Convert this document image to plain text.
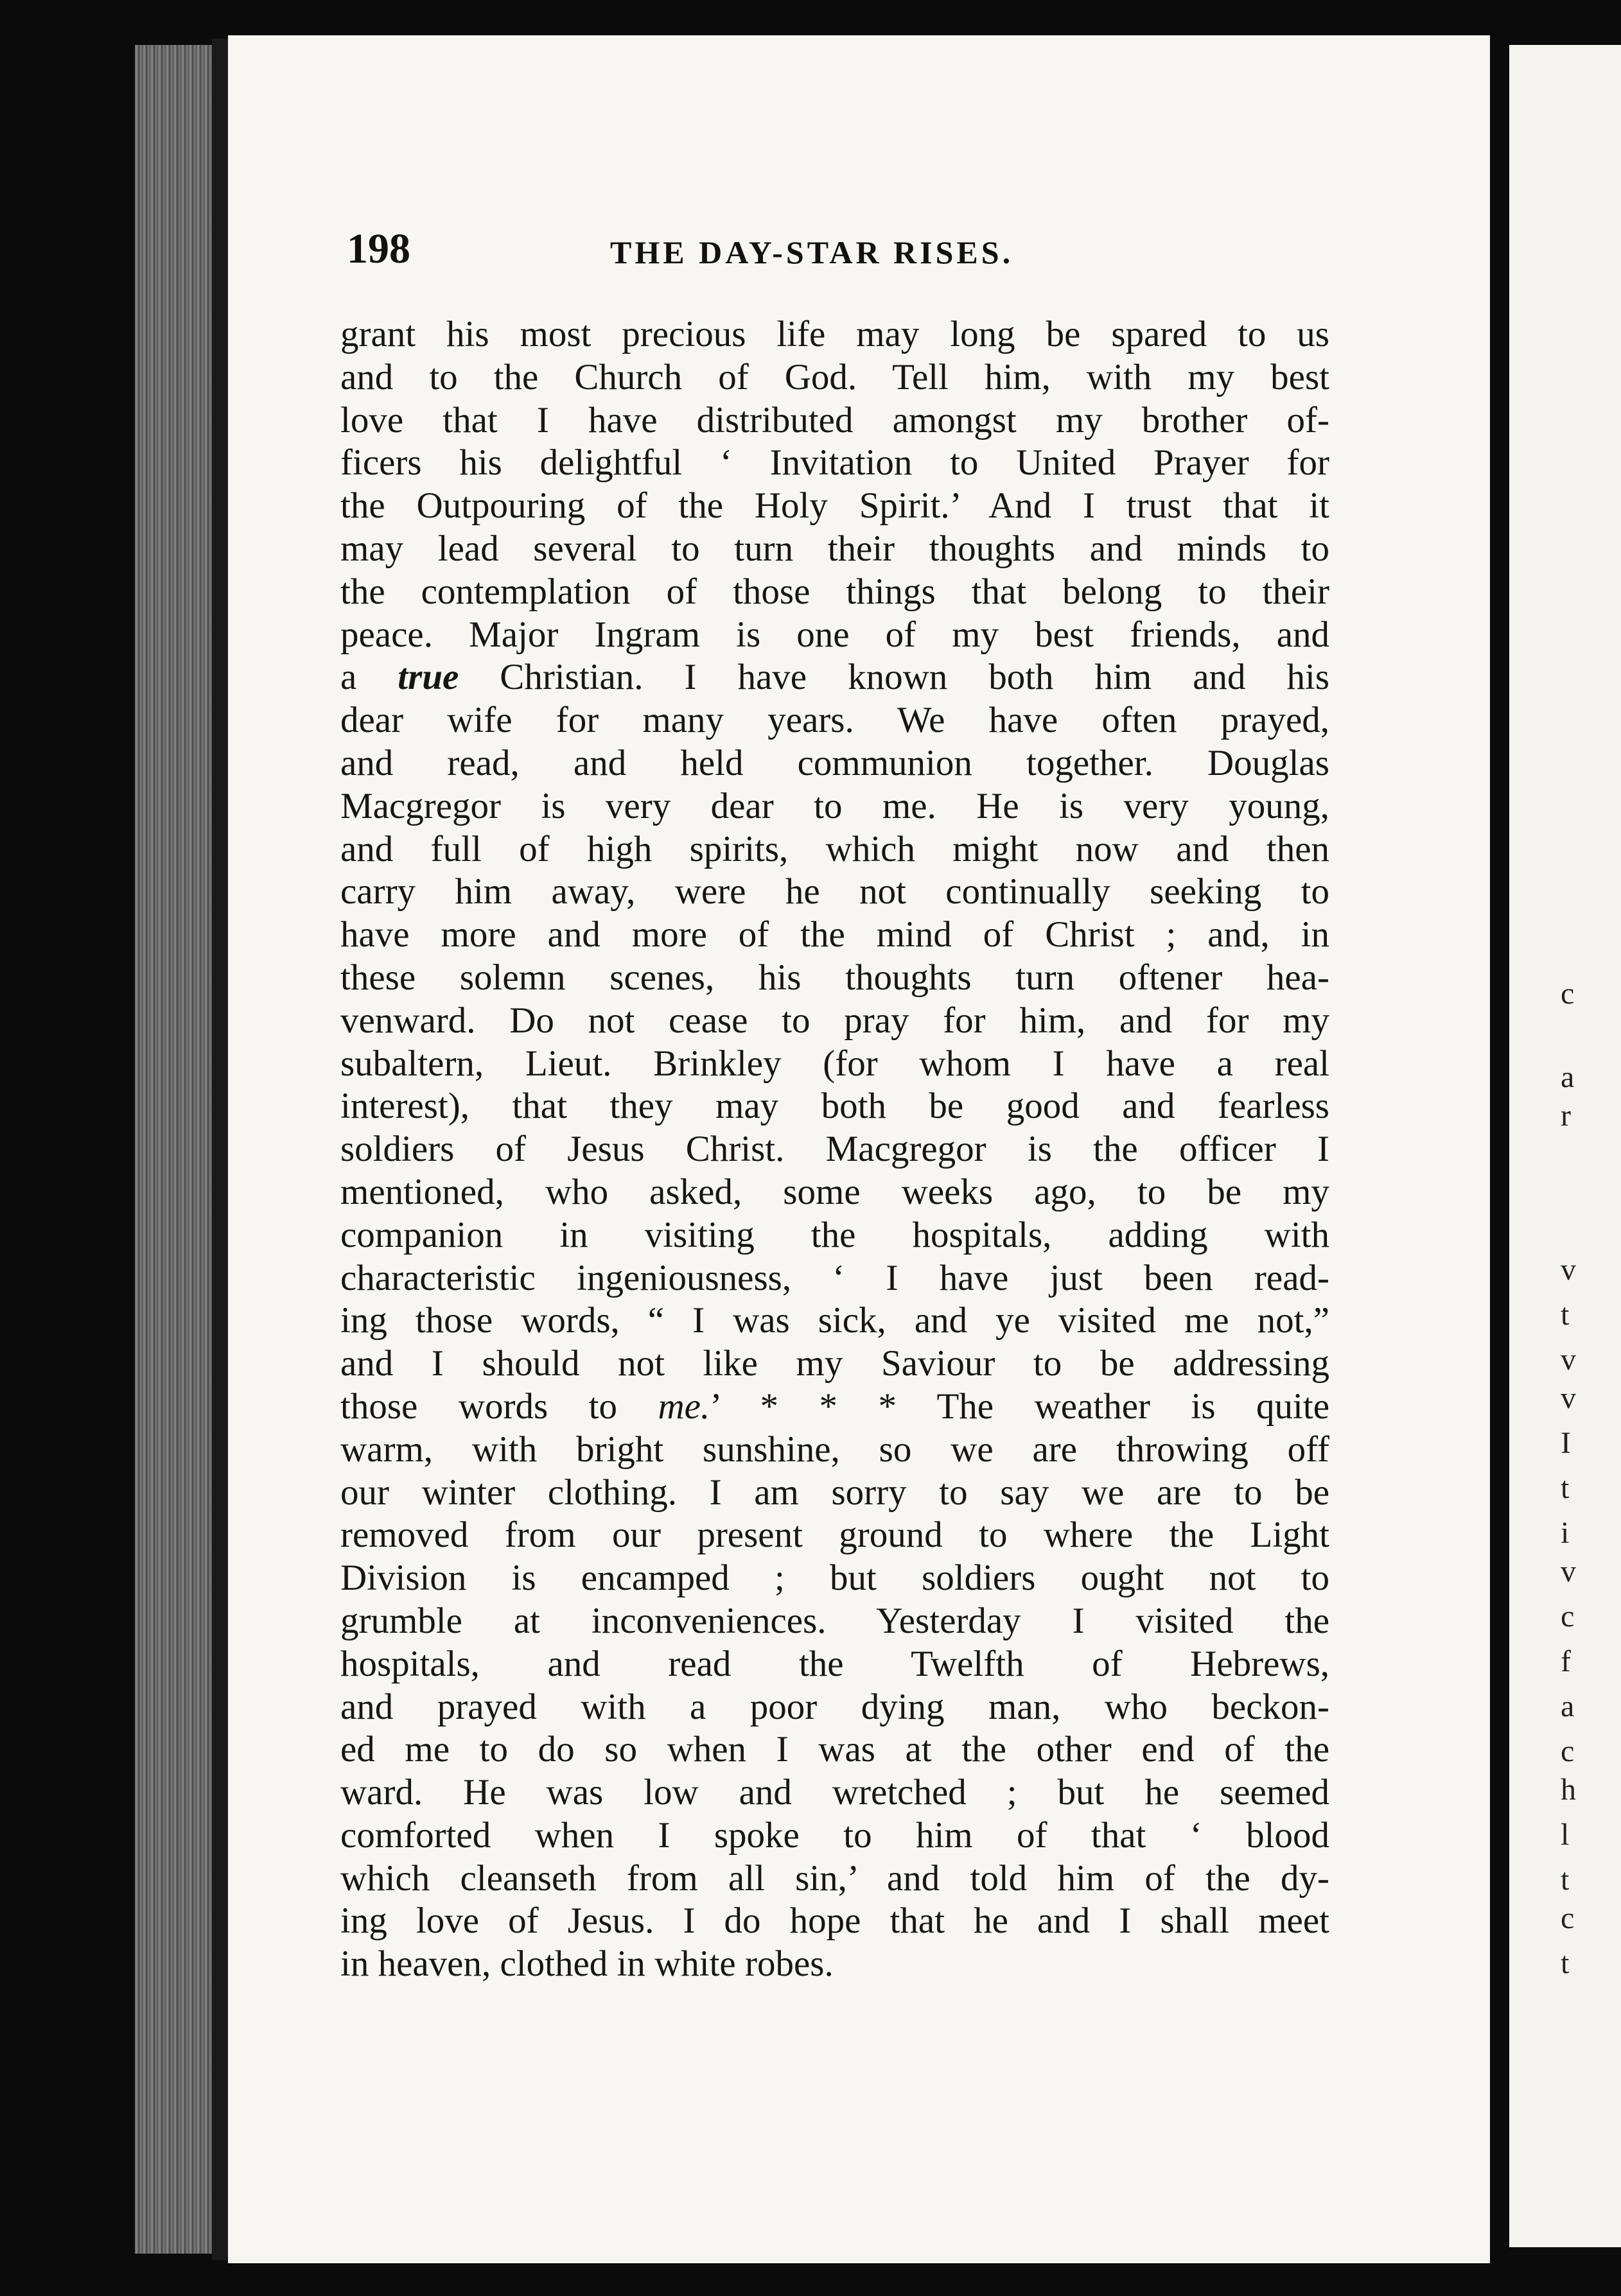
c
a
r
v
t
v
v
I
t
i
v
c
f
a
c
h
l
t
c
t
198	THE DAY-STAR RISES.
grant his most precious life may long be spared to us
and to the Church of God. Tell him, with my best
love that I have distributed amongst my brother of-
ficers his delightful ‘ Invitation to United Prayer for
the Outpouring of the Holy Spirit.’ And I trust that it
may lead several to turn their thoughts and minds to
the contemplation of those things that belong to their
peace. Major Ingram is one of my best friends, and
a true Christian. I have known both him and his
dear wife for many years. We have often prayed,
and read, and held communion together. Douglas
Macgregor is very dear to me. He is very young,
and full of high spirits, which might now and then
carry him away, were he not continually seeking to
have more and more of the mind of Christ ; and, in
these solemn scenes, his thoughts turn oftener hea-
venward. Do not cease to pray for him, and for my
subaltern, Lieut. Brinkley (for whom I have a real
interest), that they may both be good and fearless
soldiers of Jesus Christ. Macgregor is the officer I
mentioned, who asked, some weeks ago, to be my
companion in visiting the hospitals, adding with
characteristic ingeniousness, ‘ I have just been read-
ing those words, “ I was sick, and ye visited me not,”
and I should not like my Saviour to be addressing
those words to me.’ * * * The weather is quite
warm, with bright sunshine, so we are throwing off
our winter clothing. I am sorry to say we are to be
removed from our present ground to where the Light
Division is encamped ; but soldiers ought not to
grumble at inconveniences. Yesterday I visited the
hospitals, and read the Twelfth of Hebrews,
and prayed with a poor dying man, who beckon-
ed me to do so when I was at the other end of the
ward. He was low and wretched ; but he seemed
comforted when I spoke to him of that ‘ blood
which cleanseth from all sin,’ and told him of the dy-
ing love of Jesus. I do hope that he and I shall meet
in heaven, clothed in white robes.
